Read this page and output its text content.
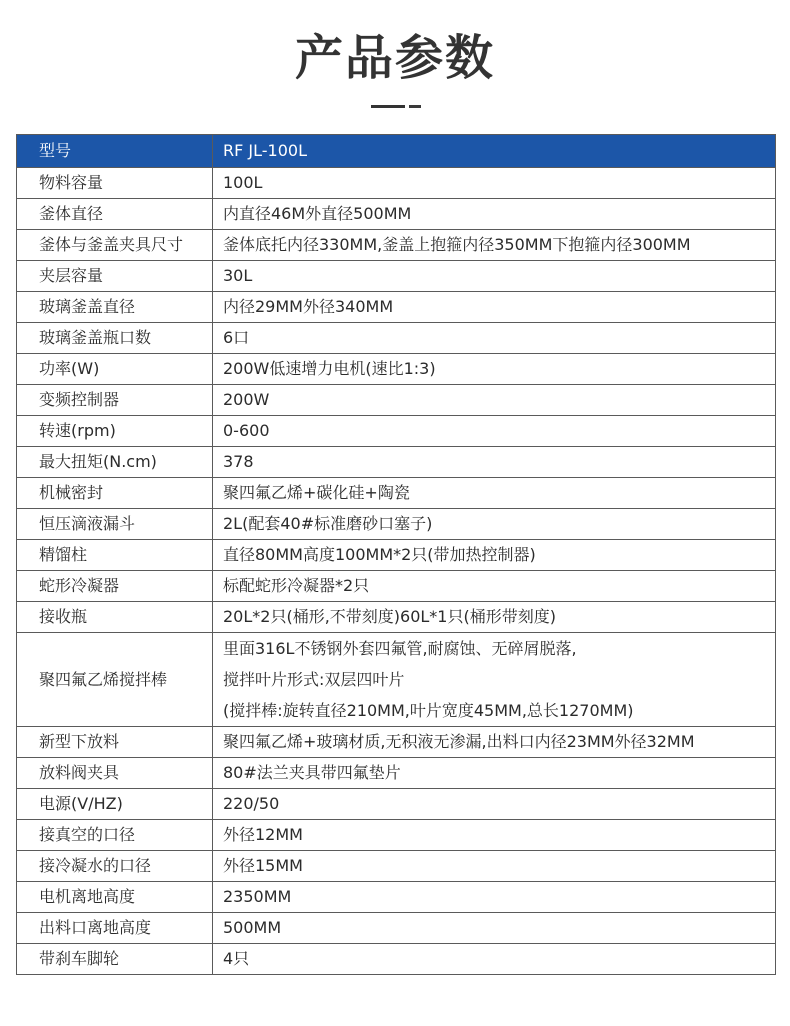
产品参数
型号	RF JL-100L
物料容量	100L
釜体直径	内直径46M外直径500MM
釜体与釜盖夹具尺寸	釜体底托内径330MM,釜盖上抱箍内径350MM下抱箍内径300MM
夹层容量	30L
玻璃釜盖直径	内径29MM外径340MM
玻璃釜盖瓶口数	6口
功率(W)	200W低速增力电机(速比1:3)
变频控制器	200W
转速(rpm)	0-600
最大扭矩(N.cm)	378
机械密封	聚四氟乙烯+碳化硅+陶瓷
恒压滴液漏斗	2L(配套40#标准磨砂口塞子)
精馏柱	直径80MM高度100MM*2只(带加热控制器)
蛇形冷凝器	标配蛇形冷凝器*2只
接收瓶	20L*2只(桶形,不带刻度)60L*1只(桶形带刻度)
聚四氟乙烯搅拌棒	里面316L不锈钢外套四氟管,耐腐蚀、无碎屑脱落,
搅拌叶片形式:双层四叶片
(搅拌棒:旋转直径210MM,叶片宽度45MM,总长1270MM)

新型下放料	聚四氟乙烯+玻璃材质,无积液无渗漏,出料口内径23MM外径32MM
放料阀夹具	80#法兰夹具带四氟垫片
电源(V/HZ)	220/50
接真空的口径	外径12MM
接冷凝水的口径	外径15MM
电机离地高度	2350MM
出料口离地高度	500MM
带刹车脚轮	4只
